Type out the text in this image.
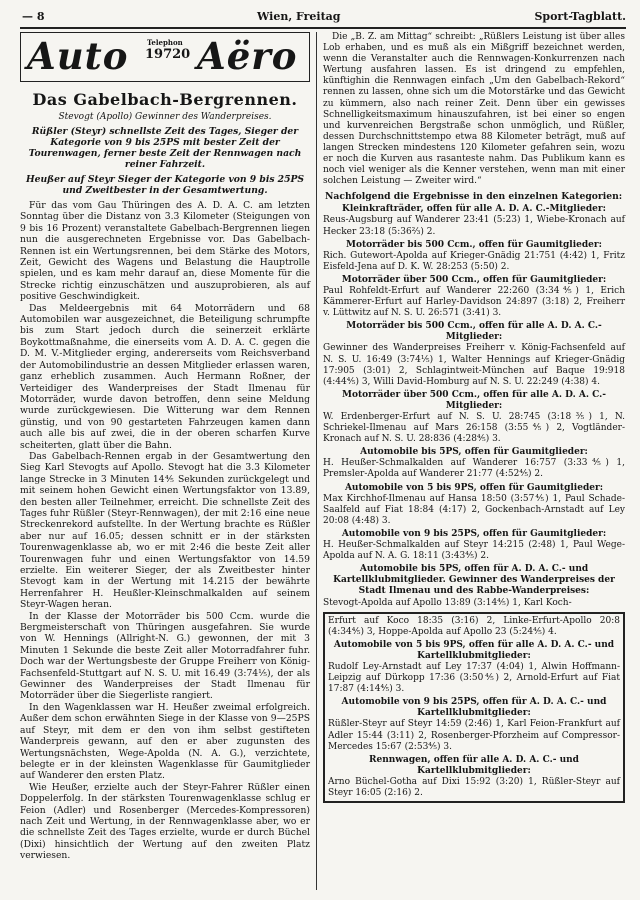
— 8	Wien, Freitag	Sport-Tagblatt.
Auto	Telephon
19720 Aëro
Das Gabelbach-Bergrennen.
Stevogt (Apollo) Gewinner des Wanderpreises.
Rüßler (Steyr) schnellste Zeit des Tages, Sieger der Kategorie von 9 bis 25PS mit bester Zeit der Tourenwagen, ferner beste Zeit der Rennwagen nach reiner Fahrzeit.
Heußer auf Steyr Sieger der Kategorie von 9 bis 25PS und Zweitbester in der Gesamtwertung.

Für das vom Gau Thüringen des A. D. A. C. am letzten Sonntag über die Distanz von 3.3 Kilometer (Steigungen von 9 bis 16 Prozent) veranstaltete Gabelbach-Bergrennen liegen nun die ausgerechneten Ergebnisse vor. Das Gabelbach-Rennen ist ein Wertungsrennen, bei dem Stärke des Motors, Zeit, Gewicht des Wagens und Belastung die Hauptrolle spielen, und es kam mehr darauf an, diese Momente für die Strecke richtig einzuschätzen und auszuprobieren, als auf positive Geschwindigkeit.

Das Meldeergebnis mit 64 Motorrädern und 68 Automobilen war ausgezeichnet, die Beteiligung schrumpfte bis zum Start jedoch durch die seinerzeit erklärte Boykottmaßnahme, die einerseits vom A. D. A. C. gegen die D. M. V.-Mitglieder erging, andererseits vom Reichsverband der Automobilindustrie an dessen Mitglieder erlassen waren, ganz erheblich zusammen. Auch Hermann Roßner, der Verteidiger des Wanderpreises der Stadt Ilmenau für Motorräder, wurde davon betroffen, denn seine Meldung wurde zurückgewiesen. Die Witterung war dem Rennen günstig, und von 90 gestarteten Fahrzeugen kamen dann auch alle bis auf zwei, die in der oberen scharfen Kurve scheiterten, glatt über die Bahn.

Das Gabelbach-Rennen ergab in der Gesamtwertung den Sieg Karl Stevogts auf Apollo. Stevogt hat die 3.3 Kilometer lange Strecke in 3 Minuten 14⅘ Sekunden zurückgelegt und mit seinem hohen Gewicht einen Wertungsfaktor von 13.89, den besten aller Teilnehmer, erreicht. Die schnellste Zeit des Tages fuhr Rüßler (Steyr-Rennwagen), der mit 2:16 eine neue Streckenrekord aufstellte. In der Wertung brachte es Rüßler aber nur auf 16.05; dessen schnitt er in der stärksten Tourenwagenklasse ab, wo er mit 2:46 die beste Zeit aller Tourenwagen fuhr und einen Wertungsfaktor von 14.59 erzielte. Ein weiterer Sieger, der als Zweitbester hinter Stevogt kam in der Wertung mit 14.215 der bewährte Herrenfahrer H. Heußler-Kleinschmalkalden auf seinem Steyr-Wagen heran.

In der Klasse der Motorräder bis 500 Ccm. wurde die Bergmeisterschaft von Thüringen ausgefahren. Sie wurde von W. Hennings (Allright-N. G.) gewonnen, der mit 3 Minuten 1 Sekunde die beste Zeit aller Motorradfahrer fuhr. Doch war der Wertungsbeste der Gruppe Freiherr von König-Fachsenfeld-Stuttgart auf N. S. U. mit 16.49 (3:74⅕), der als Gewinner des Wanderpreises der Stadt Ilmenau für Motorräder über die Siegerliste rangiert.

In den Wagenklassen war H. Heußer zweimal erfolgreich. Außer dem schon erwähnten Siege in der Klasse von 9—25PS auf Steyr, mit dem er den von ihm selbst gestifteten Wanderpreis gewann, auf den er aber zugunsten des Wertungsnächsten, Wege-Apolda (N. A. G.), verzichtete, belegte er in der kleinsten Wagenklasse für Gaumitglieder auf Wanderer den ersten Platz.

Wie Heußer, erzielte auch der Steyr-Fahrer Rüßler einen Doppelerfolg. In der stärksten Tourenwagenklasse schlug er Feion (Adler) und Rosenberger (Mercedes-Kompressoren) nach Zeit und Wertung, in der Rennwagenklasse aber, wo er die schnellste Zeit des Tages erzielte, wurde er durch Büchel (Dixi) hinsichtlich der Wertung auf den zweiten Platz verwiesen.

Die „B. Z. am Mittag“ schreibt: „Rüßlers Leistung ist über alles Lob erhaben, und es muß als ein Mißgriff bezeichnet werden, wenn die Veranstalter auch die Rennwagen-Konkurrenzen nach Wertung ausfahren lassen. Es ist dringend zu empfehlen, künftighin die Rennwagen einfach „Um den Gabelbach-Rekord“ rennen zu lassen, ohne sich um die Motorstärke und das Gewicht zu kümmern, also nach reiner Zeit. Denn über ein gewisses Schnelligkeitsmaximum hinauszufahren, ist bei einer so engen und kurvenreichen Bergstraße schon unmöglich, und Rüßler, dessen Durchschnittstempo etwa 88 Kilometer beträgt, muß auf langen Strecken mindestens 120 Kilometer gefahren sein, wozu er noch die Kurven aus rasanteste nahm. Das Publikum kann es noch viel weniger als die Kenner verstehen, wenn man mit einer solchen Leistung — Zweiter wird.“

Nachfolgend die Ergebnisse in den einzelnen Kategorien:
Kleinkrafträder, offen für alle A. D. A. C.-Mitglieder:

Reus-Augsburg auf Wanderer 23:41 (5:23) 1, Wiebe-Kronach auf Hecker 23:18 (5:36⅔) 2.

Motorräder bis 500 Ccm., offen für Gaumitglieder:

Rich. Gutewort-Apolda auf Krieger-Gnädig 21:751 (4:42) 1, Fritz Eisfeld-Jena auf D. K. W. 28:253 (5:50) 2.

Motorräder über 500 Ccm., offen für Gaumitglieder:

Paul Rohfeldt-Erfurt auf Wanderer 22:260 (3:34⅘) 1, Erich Kämmerer-Erfurt auf Harley-Davidson 24:897 (3:18) 2, Freiherr v. Lüttwitz auf N. S. U. 26:571 (3:41) 3.

Motorräder bis 500 Ccm., offen für alle A. D. A. C.-Mitglieder:

Gewinner des Wanderpreises Freiherr v. König-Fachsenfeld auf N. S. U. 16:49 (3:74⅕) 1, Walter Hennings auf Krieger-Gnädig 17:905 (3:01) 2, Schlagintweit-München auf Baque 19:918 (4:44⅘) 3, Willi David-Homburg auf N. S. U. 22:249 (4:38) 4.

Motorräder über 500 Ccm., offen für alle A. D. A. C.-Mitglieder:

W. Erdenberger-Erfurt auf N. S. U. 28:745 (3:18⅗) 1, N. Schriekel-Ilmenau auf Mars 26:158 (3:55⅘) 2, Vogtländer-Kronach auf N. S. U. 28:836 (4:28⅘) 3.

Automobile bis 5PS, offen für Gaumitglieder:

H. Heußer-Schmalkalden auf Wanderer 16:757 (3:33⅘) 1, Premsler-Apolda auf Wanderer 21:77 (4:52⅘) 2.

Automobile von 5 bis 9PS, offen für Gaumitglieder:

Max Kirchhof-Ilmenau auf Hansa 18:50 (3:57⅘) 1, Paul Schade-Saalfeld auf Fiat 18:84 (4:17) 2, Gockenbach-Arnstadt auf Ley 20:08 (4:48) 3.

Automobile von 9 bis 25PS, offen für Gaumitglieder:

H. Heußer-Schmalkalden auf Steyr 14:215 (2:48) 1, Paul Wege-Apolda auf N. A. G. 18:11 (3:43⅘) 2.

Automobile bis 5PS, offen für A. D. A. C.- und Kartellklubmitglieder. Gewinner des Wanderpreises der Stadt Ilmenau und des Rabbe-Wanderpreises:

Stevogt-Apolda auf Apollo 13:89 (3:14⅘) 1, Karl Koch-

Erfurt auf Koco 18:35 (3:16) 2, Linke-Erfurt-Apollo 20:8 (4:34⅘) 3, Hoppe-Apolda auf Apollo 23 (5:24⅘) 4.

Automobile von 5 bis 9PS, offen für alle A. D. A. C.- und Kartellklubmitglieder:

Rudolf Ley-Arnstadt auf Ley 17:37 (4:04) 1, Alwin Hoffmann-Leipzig auf Dürkopp 17:36 (3:50⅘) 2, Arnold-Erfurt auf Fiat 17:87 (4:14⅘) 3.

Automobile von 9 bis 25PS, offen für A. D. A. C.- und Kartellklubmitglieder:

Rüßler-Steyr auf Steyr 14:59 (2:46) 1, Karl Feion-Frankfurt auf Adler 15:44 (3:11) 2, Rosenberger-Pforzheim auf Compressor-Mercedes 15:67 (2:53⅘) 3.

Rennwagen, offen für alle A. D. A. C.- und Kartellklubmitglieder:

Arno Büchel-Gotha auf Dixi 15:92 (3:20) 1, Rüßler-Steyr auf Steyr 16:05 (2:16) 2.
